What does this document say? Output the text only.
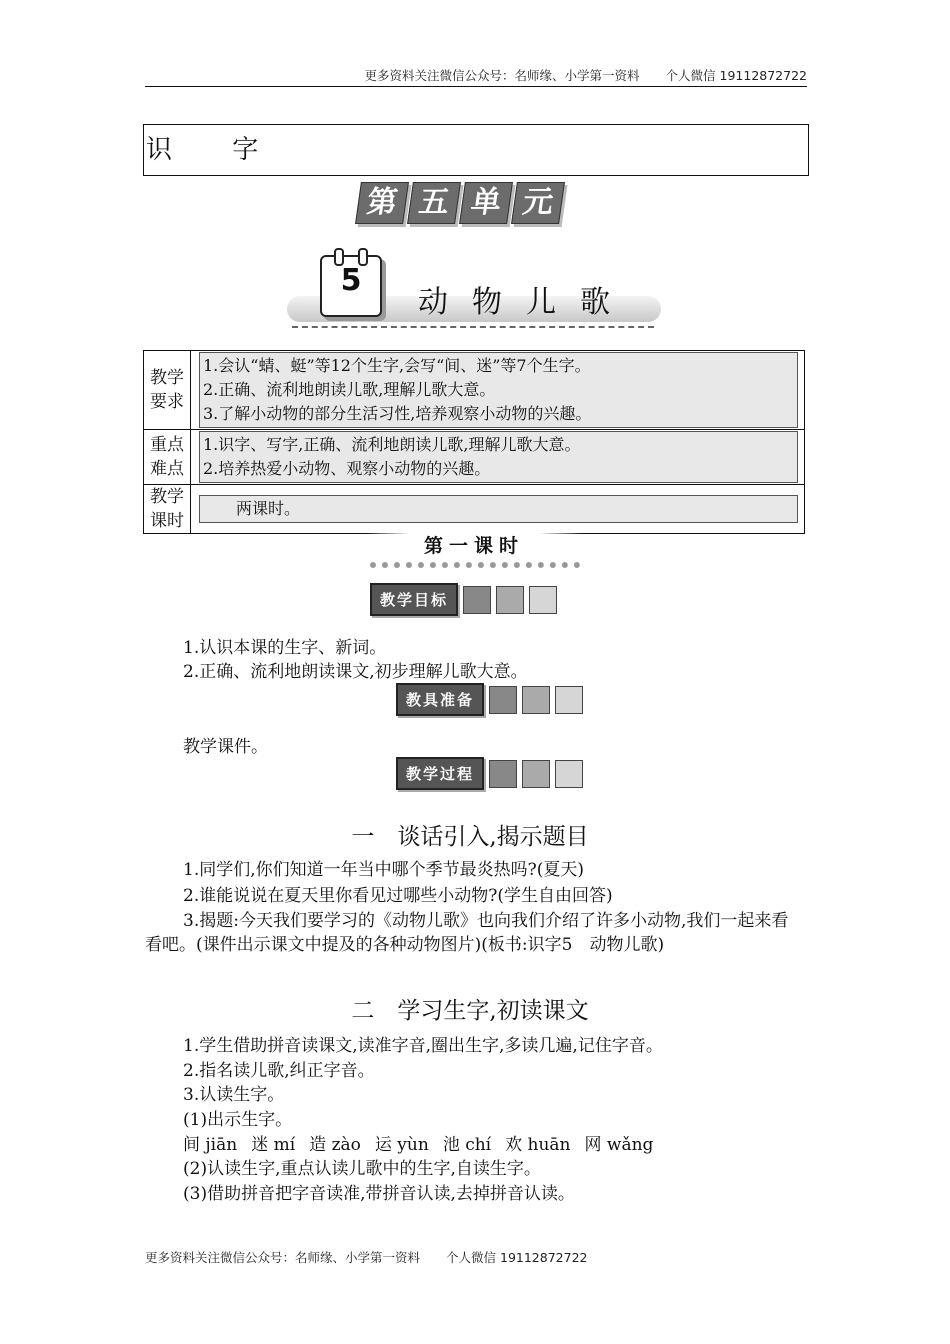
更多资料关注微信公众号：名师缘、小学第一资料 个人微信 19112872722
识 字
第 五 单 元
5
动物儿歌
教学要求	1.会认“蜻、蜓”等12个生字,会写“间、迷”等7个生字。
2.正确、流利地朗读儿歌,理解儿歌大意。
3.了解小动物的部分生活习性,培养观察小动物的兴趣。

重点难点	1.识字、写字,正确、流利地朗读儿歌,理解儿歌大意。
2.培养热爱小动物、观察小动物的兴趣。

教学课时	两课时。
第一课时
教学目标
1.认识本课的生字、新词。
2.正确、流利地朗读课文,初步理解儿歌大意。
教具准备
教学课件。
教学过程
一　谈话引入,揭示题目
1.同学们,你们知道一年当中哪个季节最炎热吗?(夏天)
2.谁能说说在夏天里你看见过哪些小动物?(学生自由回答)
3.揭题:今天我们要学习的《动物儿歌》也向我们介绍了许多小动物,我们一起来看看吧。(课件出示课文中提及的各种动物图片)(板书:识字5　动物儿歌)
二　学习生字,初读课文
1.学生借助拼音读课文,读准字音,圈出生字,多读几遍,记住字音。
2.指名读儿歌,纠正字音。
3.认读生字。
(1)出示生字。
间 jiān 迷 mí 造 zào 运 yùn 池 chí 欢 huān 网 wǎng
(2)认读生字,重点认读儿歌中的生字,自读生字。
(3)借助拼音把字音读准,带拼音认读,去掉拼音认读。
更多资料关注微信公众号：名师缘、小学第一资料 个人微信 19112872722
